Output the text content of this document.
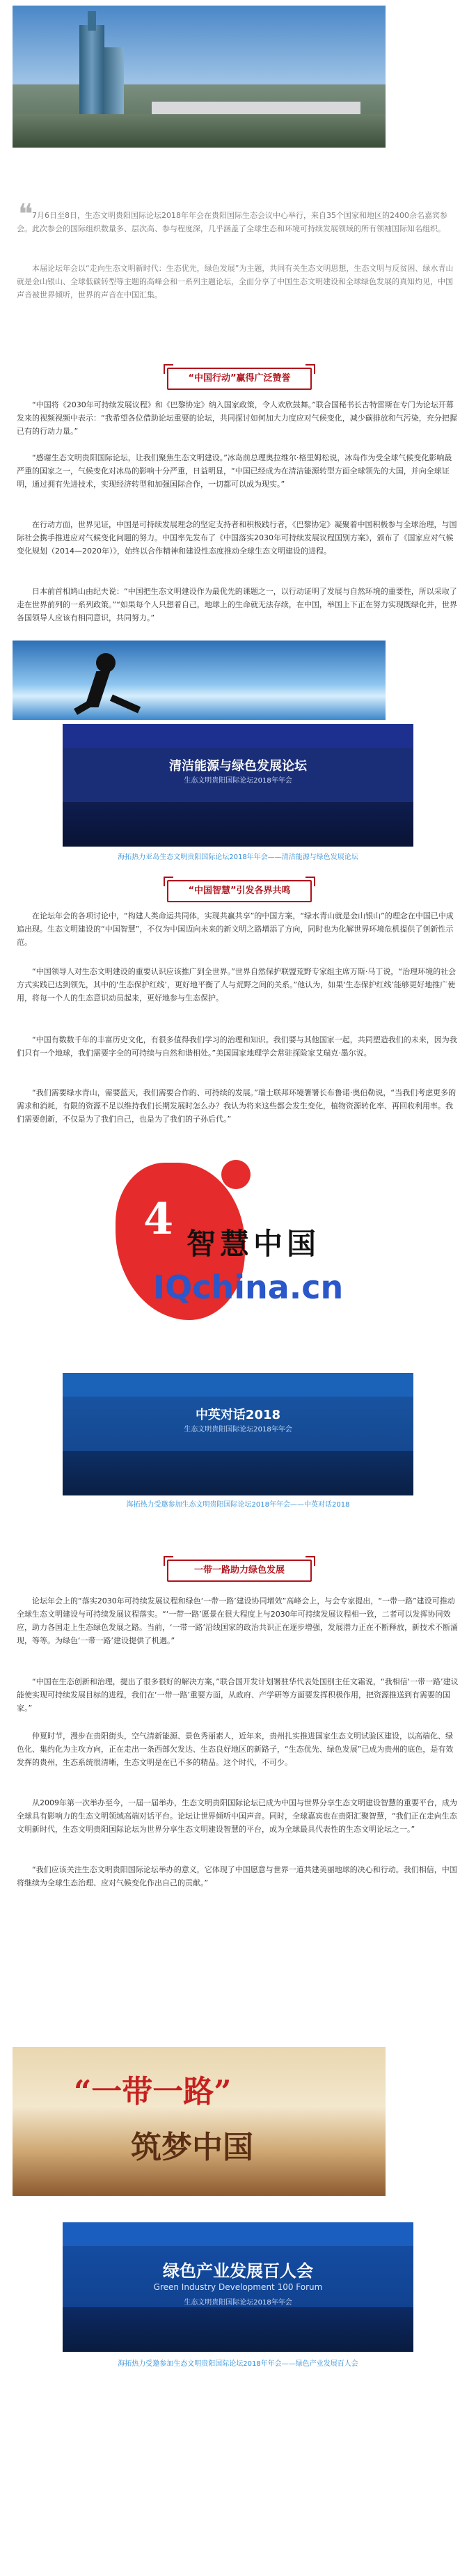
❝

7月6日至8日，生态文明贵阳国际论坛2018年年会在贵阳国际生态会议中心举行，来自35个国家和地区的2400余名嘉宾参会。此次参会的国际组织数量多、层次高、参与程度深，几乎涵盖了全球生态和环境可持续发展领域的所有领袖国际知名组织。

本届论坛年会以“走向生态文明新时代：生态优先，绿色发展”为主题，共同有关生态文明思想，生态文明与反贫困、绿水青山就是金山银山、全球低碳转型等主题的高峰会和一系列主题论坛，全面分享了中国生态文明建设和全球绿色发展的真知灼见，中国声音被世界倾听，世界的声音在中国汇集。

“中国行动”赢得广泛赞誉

“中国将《2030年可持续发展议程》和《巴黎协定》纳入国家政策，令人欢欣鼓舞。”联合国秘书长古特雷斯在专门为论坛开幕发来的视频视频中表示：“我希望各位借助论坛重要的论坛，共同探讨如何加大力度应对气候变化，减少碳排放和气污染，充分把握已有的行动力量。”

“感谢生态文明贵阳国际论坛，让我们聚焦生态文明建设。”冰岛前总理奥拉维尔·格里姆松说，冰岛作为受全球气候变化影响最严重的国家之一，气候变化对冰岛的影响十分严重，日益明显，“中国已经成为在清洁能源转型方面全球领先的大国，并向全球证明，通过拥有先进技术，实现经济转型和加强国际合作，一切都可以成为现实。”

在行动方面，世界见证，中国是可持续发展理念的坚定支持者和积极践行者，《巴黎协定》凝聚着中国积极参与全球治理，与国际社会携手推进应对气候变化问题的努力。中国率先发布了《中国落实2030年可持续发展议程国别方案》，颁布了《国家应对气候变化规划（2014—2020年）》，始终以合作精神和建设性态度推动全球生态文明建设的进程。

日本前首相鸠山由纪夫说：“中国把生态文明建设作为最优先的课题之一，以行动证明了发展与自然环境的重要性，所以采取了走在世界前列的一系列政策。”“如果每个人只想着自己，地球上的生命就无法存续，在中国，举国上下正在努力实现既绿化并，世界各国领导人应该有相同意识，共同努力。”

清洁能源与绿色发展论坛
生态文明贵阳国际论坛2018年年会
海拓热力亚岛生态文明贵阳国际论坛2018年年会——清洁能源与绿色发展论坛
“中国智慧”引发各界共鸣

在论坛年会的各项讨论中，“构建人类命运共同体，实现共赢共享”的中国方案，“绿水青山就是金山银山”的理念在中国已中成追出现。生态文明建设的“中国智慧”，不仅为中国迈向未来的新文明之路增添了方向，同时也为化解世界环境危机提供了创新性示范。

“中国领导人对生态文明建设的重要认识应该推广到全世界。”世界自然保护联盟荒野专家组主席万斯·马丁说，“治理环境的社会方式实践已达到领先，其中的‘生态保护红线’，更好地平衡了人与荒野之间的关系。”他认为，如果‘生态保护红线’能够更好地推广使用，将每一个人的生态意识动员起来，更好地参与生态保护。

“中国有数数千年的丰富历史文化，有很多值得我们学习的治理和知识。我们要与其他国家一起，共同塑造我们的未来，因为我们只有一个地球，我们需要字全的可持续与自然和谐相处。”美国国家地理学会常驻探险家艾瑞克·墨尔说。

“我们需要绿水青山，需要蓝天，我们需要合作的、可持续的发展。”瑞士联邦环境署署长布鲁诺·奥伯勒说，“当我们考虑更多的需求和消耗，有限的资源不足以维持我们长期发展时怎么办？我认为将来这些都会发生变化，植物资源转化率、再回收利用率。我们需要创新，不仅是为了我们自己，也是为了我们的子孙后代。”

4 智慧中国
IQchina.cn
中英对话2018
生态文明贵阳国际论坛2018年年会
海拓热力受邀参加生态文明贵阳国际论坛2018年年会——中英对话2018
一带一路助力绿色发展

论坛年会上的“落实2030年可持续发展议程和绿色‘一带一路’建设协同增效”高峰会上，与会专家提出，“一带一路”建设可推动全球生态文明建设与可持续发展议程落实。“‘一带一路’愿景在很大程度上与2030年可持续发展议程相一致，二者可以发挥协同效应，助力各国走上生态绿色发展之路。当前，‘一带一路’沿线国家的政治共识正在逐步增强，发展潜力正在不断释放，新技术不断涌现，等等。为绿色‘一带一路’建设提供了机遇。”

“中国在生态创新和治理，提出了很多很好的解决方案，”联合国开发计划署驻华代表处国别主任文霜说，“我相信‘一带一路’建议能使实现可持续发展目标的进程，我们在‘一带一路’重要方面，从政府、产学研等方面要发挥积极作用，把资源推送到有需要的国家。”

仲夏时节，漫步在贵阳街头，空气清新能源、景色秀丽素人，近年来，贵州扎实推进国家生态文明试验区建设，以高端化、绿色化、集约化为主攻方向，正在走出一条西部欠发达、生态良好地区的新路子，“生态优先、绿色发展”已成为贵州的底色，是有效发挥的贵州，生态系统很清晰，生态文明是在已不多的精品。这个时代，不可少。

从2009年第一次举办至今，一届一届举办，生态文明贵阳国际论坛已成为中国与世界分享生态文明建设智慧的重要平台，成为全球具有影响力的生态文明领域高端对话平台。论坛让世界倾听中国声音。同时，全球嘉宾也在贵阳汇聚智慧，“我们正在走向生态文明新时代，生态文明贵阳国际论坛为世界分享生态文明建设智慧的平台，成为全球最具代表性的生态文明论坛之一。”

“我们应该关注生态文明贵阳国际论坛举办的意义，它体现了中国愿意与世界一道共建美丽地球的决心和行动。我们相信，中国将继续为全球生态治理、应对气候变化作出自己的贡献。”

“一带一路”
筑梦中国
绿色产业发展百人会
Green Industry Development 100 Forum
生态文明贵阳国际论坛2018年年会
海拓热力受邀参加生态文明贵阳国际论坛2018年年会——绿色产业发展百人会
